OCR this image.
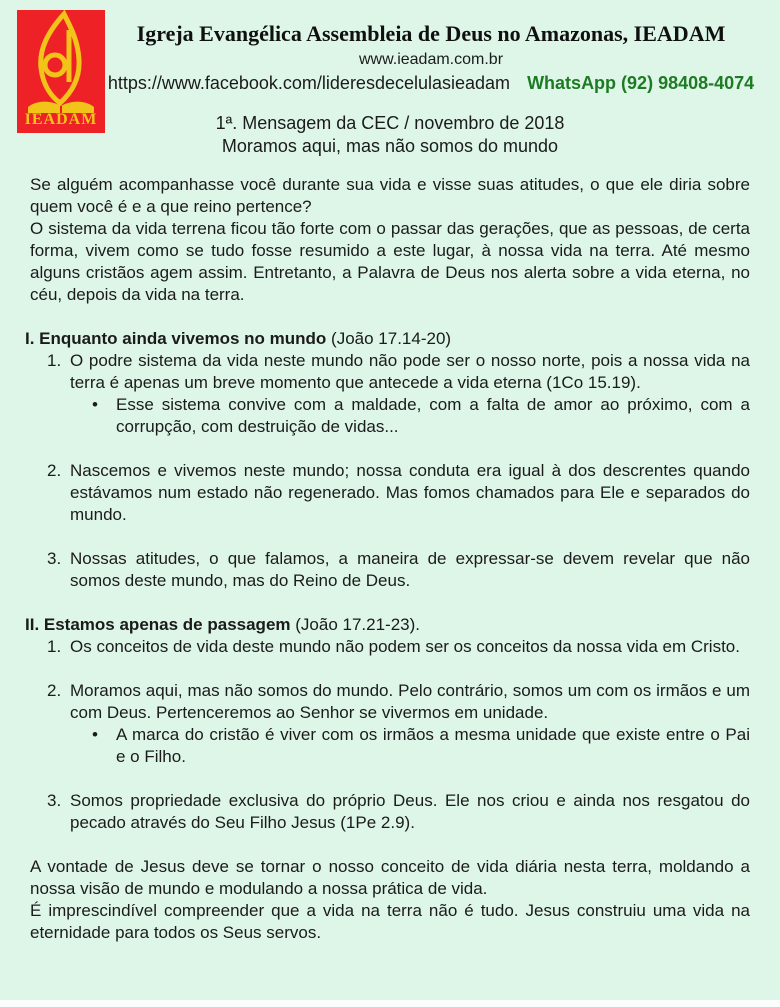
IEADAM
Igreja Evangélica Assembleia de Deus no Amazonas, IEADAM
www.ieadam.com.br
https://www.facebook.com/lideresdecelulasieadam WhatsApp (92) 98408-4074
1ª. Mensagem da CEC / novembro de 2018
Moramos aqui, mas não somos do mundo

Se alguém acompanhasse você durante sua vida e visse suas atitudes, o que ele diria sobre quem você é e a que reino pertence?

O sistema da vida terrena ficou tão forte com o passar das gerações, que as pessoas, de certa forma, vivem como se tudo fosse resumido a este lugar, à nossa vida na terra. Até mesmo alguns cristãos agem assim. Entretanto, a Palavra de Deus nos alerta sobre a vida eterna, no céu, depois da vida na terra.

I. Enquanto ainda vivemos no mundo (João 17.14-20)
1. O podre sistema da vida neste mundo não pode ser o nosso norte, pois a nossa vida na terra é apenas um breve momento que antecede a vida eterna (1Co 15.19).
•	Esse sistema convive com a maldade, com a falta de amor ao próximo, com a corrupção, com destruição de vidas...
2. Nascemos e vivemos neste mundo; nossa conduta era igual à dos descrentes quando estávamos num estado não regenerado. Mas fomos chamados para Ele e separados do mundo.
3. Nossas atitudes, o que falamos, a maneira de expressar-se devem revelar que não somos deste mundo, mas do Reino de Deus.
II. Estamos apenas de passagem (João 17.21-23).
1. Os conceitos de vida deste mundo não podem ser os conceitos da nossa vida em Cristo.
2. Moramos aqui, mas não somos do mundo. Pelo contrário, somos um com os irmãos e um com Deus. Pertenceremos ao Senhor se vivermos em unidade.
•	A marca do cristão é viver com os irmãos a mesma unidade que existe entre o Pai e o Filho.
3. Somos propriedade exclusiva do próprio Deus. Ele nos criou e ainda nos resgatou do pecado através do Seu Filho Jesus (1Pe 2.9).

A vontade de Jesus deve se tornar o nosso conceito de vida diária nesta terra, moldando a nossa visão de mundo e modulando a nossa prática de vida.

É imprescindível compreender que a vida na terra não é tudo. Jesus construiu uma vida na eternidade para todos os Seus servos.
